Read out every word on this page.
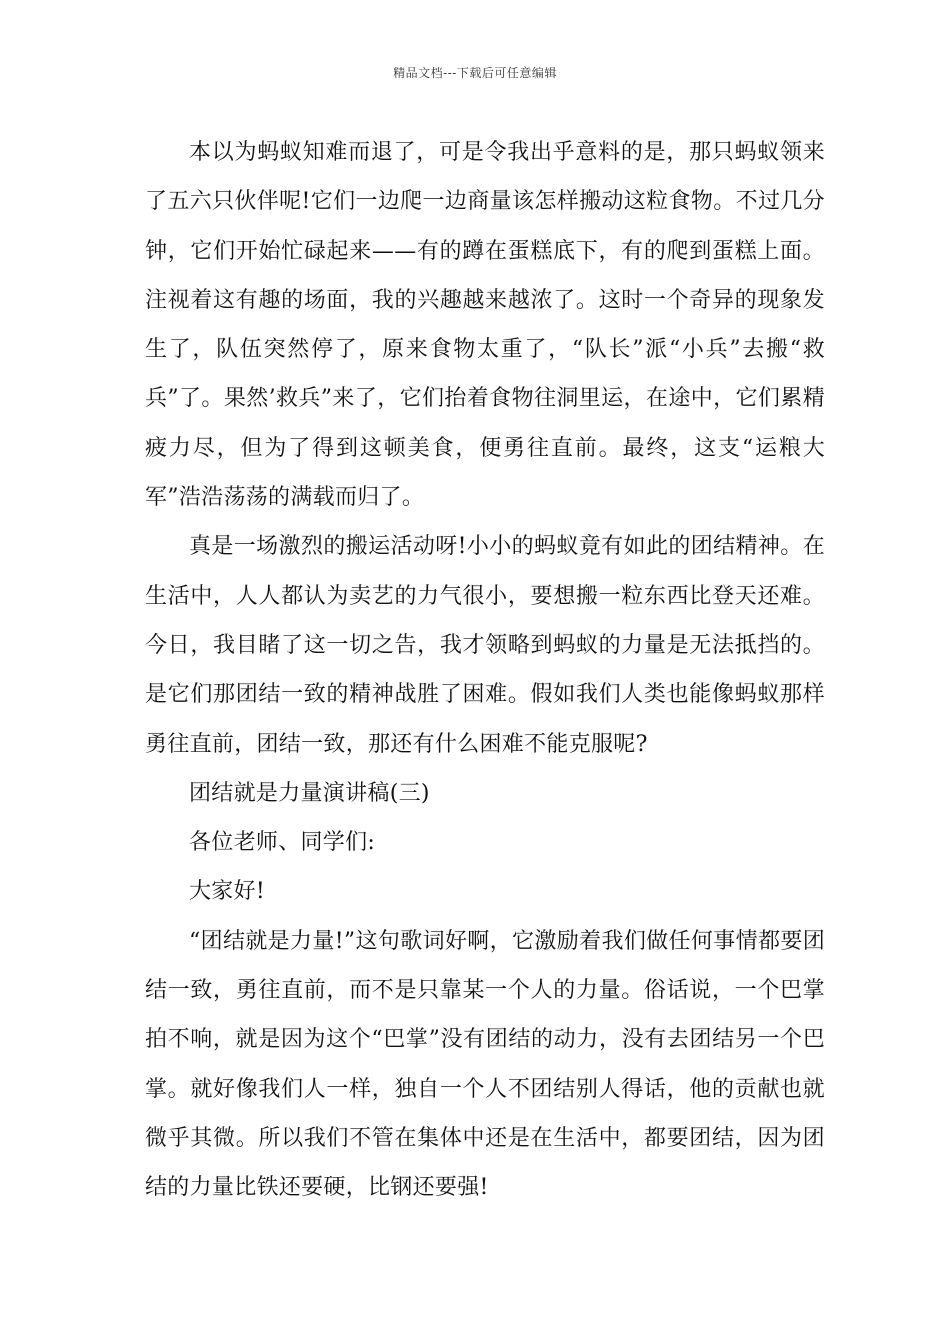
精品文档---下载后可任意编辑

本以为蚂蚁知难而退了，可是令我出乎意料的是，那只蚂蚁领来了五六只伙伴呢!它们一边爬一边商量该怎样搬动这粒食物。不过几分钟，它们开始忙碌起来——有的蹲在蛋糕底下，有的爬到蛋糕上面。注视着这有趣的场面，我的兴趣越来越浓了。这时一个奇异的现象发生了，队伍突然停了，原来食物太重了，“队长”派“小兵”去搬“救兵”了。果然’救兵”来了，它们抬着食物往洞里运，在途中，它们累精疲力尽，但为了得到这顿美食，便勇往直前。最终，这支“运粮大军”浩浩荡荡的满载而归了。

真是一场激烈的搬运活动呀!小小的蚂蚁竟有如此的团结精神。在生活中，人人都认为卖艺的力气很小，要想搬一粒东西比登天还难。今日，我目睹了这一切之告，我才领略到蚂蚁的力量是无法抵挡的。是它们那团结一致的精神战胜了困难。假如我们人类也能像蚂蚁那样勇往直前，团结一致，那还有什么困难不能克服呢?

团结就是力量演讲稿(三)

各位老师、同学们:

大家好!

“团结就是力量!”这句歌词好啊，它激励着我们做任何事情都要团结一致，勇往直前，而不是只靠某一个人的力量。俗话说，一个巴掌拍不响，就是因为这个“巴掌”没有团结的动力，没有去团结另一个巴掌。就好像我们人一样，独自一个人不团结别人得话，他的贡献也就微乎其微。所以我们不管在集体中还是在生活中，都要团结，因为团结的力量比铁还要硬，比钢还要强!
